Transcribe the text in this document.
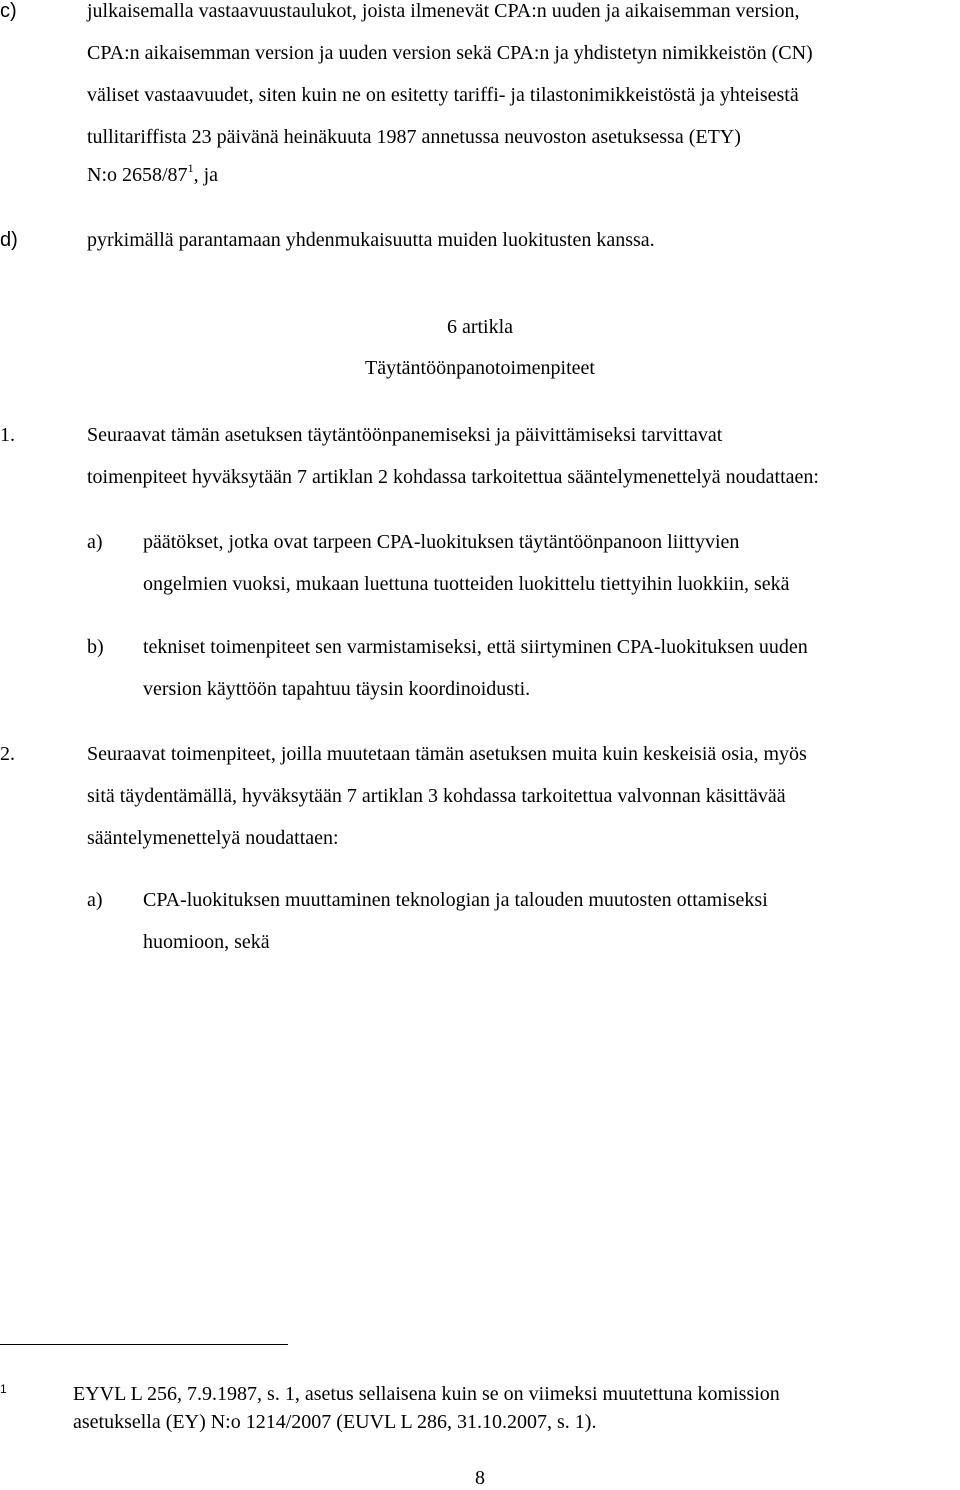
c)	julkaisemalla vastaavuustaulukot, joista ilmenevät CPA:n uuden ja aikaisemman version,
CPA:n aikaisemman version ja uuden version sekä CPA:n ja yhdistetyn nimikkeistön (CN)
väliset vastaavuudet, siten kuin ne on esitetty tariffi- ja tilastonimikkeistöstä ja yhteisestä
tullitariffista 23 päivänä heinäkuuta 1987 annetussa neuvoston asetuksessa (ETY)
N:o $2658/87^1$, ja
d)	pyrkimällä parantamaan yhdenmukaisuutta muiden luokitusten kanssa.
6 artikla
Täytäntöönpanotoimenpiteet
1.	Seuraavat tämän asetuksen täytäntöönpanemiseksi ja päivittämiseksi tarvittavat
toimenpiteet hyväksytään 7 artiklan 2 kohdassa tarkoitettua sääntelymenettelyä noudattaen:
a) päätökset, jotka ovat tarpeen CPA-luokituksen täytäntöönpanoon liittyvien
ongelmien vuoksi, mukaan luettuna tuotteiden luokittelu tiettyihin luokkiin, sekä
b) tekniset toimenpiteet sen varmistamiseksi, että siirtyminen CPA-luokituksen uuden
version käyttöön tapahtuu täysin koordinoidusti.
2.	Seuraavat toimenpiteet, joilla muutetaan tämän asetuksen muita kuin keskeisiä osia, myös
sitä täydentämällä, hyväksytään 7 artiklan 3 kohdassa tarkoitettua valvonnan käsittävää
sääntelymenettelyä noudattaen:
a) CPA-luokituksen muuttaminen teknologian ja talouden muutosten ottamiseksi
huomioon, sekä
1	EYVL L 256, 7.9.1987, s. 1, asetus sellaisena kuin se on viimeksi muutettuna komission
asetuksella (EY) N:o 1214/2007 (EUVL L 286, 31.10.2007, s. 1).
8
